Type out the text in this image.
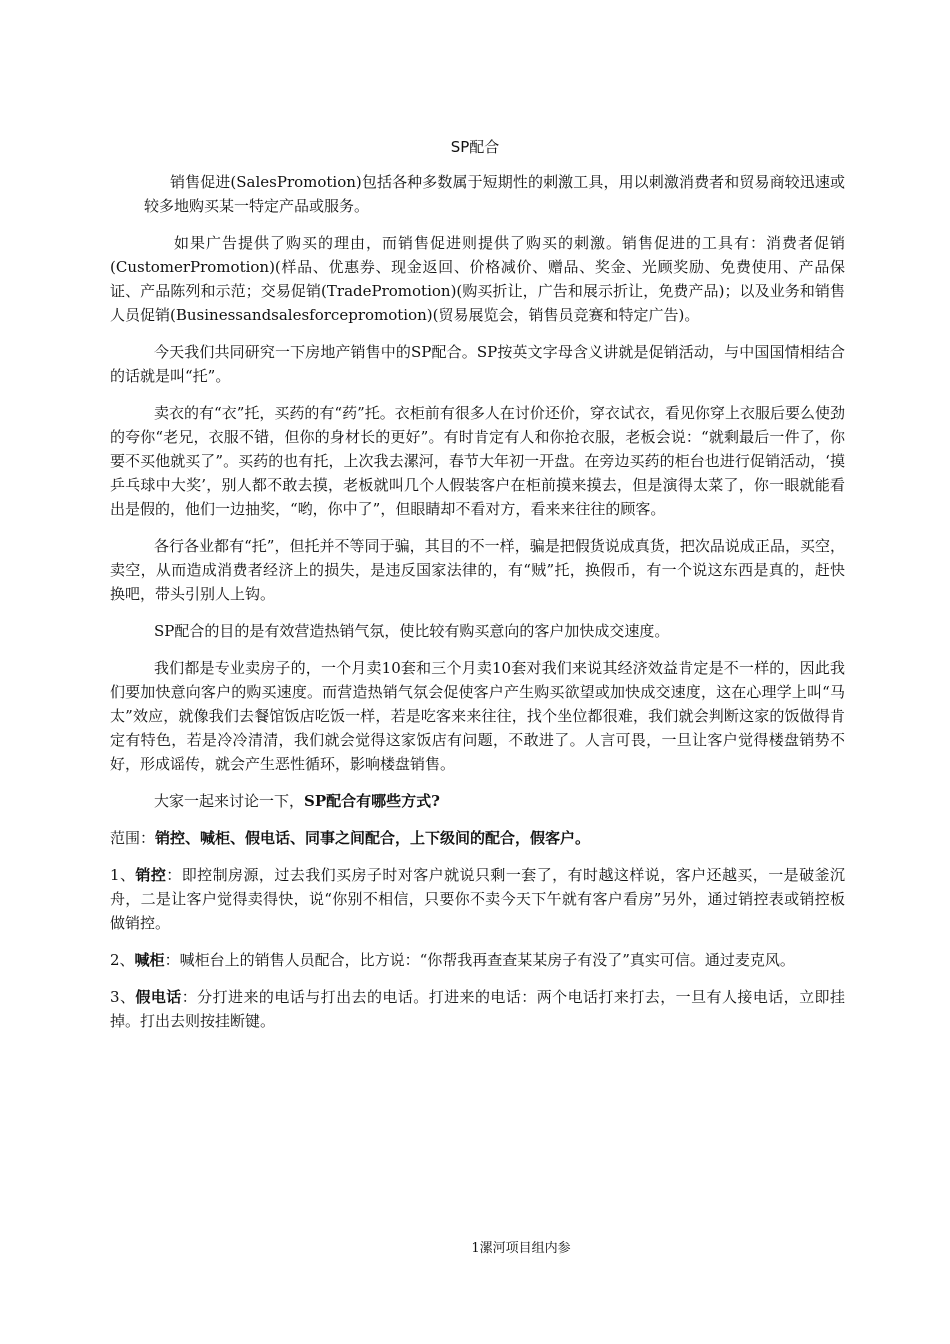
SP配合

销售促进(SalesPromotion)包括各种多数属于短期性的刺激工具，用以刺激消费者和贸易商较迅速或较多地购买某一特定产品或服务。

如果广告提供了购买的理由，而销售促进则提供了购买的刺激。销售促进的工具有：消费者促销(CustomerPromotion)(样品、优惠券、现金返回、价格减价、赠品、奖金、光顾奖励、免费使用、产品保证、产品陈列和示范；交易促销(TradePromotion)(购买折让，广告和展示折让，免费产品)；以及业务和销售人员促销(Businessandsalesforcepromotion)(贸易展览会，销售员竞赛和特定广告)。

今天我们共同研究一下房地产销售中的SP配合。SP按英文字母含义讲就是促销活动，与中国国情相结合的话就是叫“托”。

卖衣的有“衣”托，买药的有“药”托。衣柜前有很多人在讨价还价，穿衣试衣，看见你穿上衣服后要么使劲的夸你“老兄，衣服不错，但你的身材长的更好”。有时肯定有人和你抢衣服，老板会说：“就剩最后一件了，你要不买他就买了”。买药的也有托，上次我去漯河，春节大年初一开盘。在旁边买药的柜台也进行促销活动，‘摸乒乓球中大奖’，别人都不敢去摸，老板就叫几个人假装客户在柜前摸来摸去，但是演得太菜了，你一眼就能看出是假的，他们一边抽奖，“哟，你中了”，但眼睛却不看对方，看来来往往的顾客。

各行各业都有“托”，但托并不等同于骗，其目的不一样，骗是把假货说成真货，把次品说成正品，买空，卖空，从而造成消费者经济上的损失，是违反国家法律的，有“贼”托，换假币，有一个说这东西是真的，赶快换吧，带头引别人上钩。

SP配合的目的是有效营造热销气氛，使比较有购买意向的客户加快成交速度。

我们都是专业卖房子的，一个月卖10套和三个月卖10套对我们来说其经济效益肯定是不一样的，因此我们要加快意向客户的购买速度。而营造热销气氛会促使客户产生购买欲望或加快成交速度，这在心理学上叫“马太”效应，就像我们去餐馆饭店吃饭一样，若是吃客来来往往，找个坐位都很难，我们就会判断这家的饭做得肯定有特色，若是冷冷清清，我们就会觉得这家饭店有问题，不敢进了。人言可畏，一旦让客户觉得楼盘销势不好，形成谣传，就会产生恶性循环，影响楼盘销售。

大家一起来讨论一下，SP配合有哪些方式?

范围：销控、喊柜、假电话、同事之间配合，上下级间的配合，假客户。

1、销控：即控制房源，过去我们买房子时对客户就说只剩一套了，有时越这样说，客户还越买，一是破釜沉舟，二是让客户觉得卖得快，说“你别不相信，只要你不卖今天下午就有客户看房”另外，通过销控表或销控板做销控。

2、喊柜：喊柜台上的销售人员配合，比方说：“你帮我再查查某某房子有没了”真实可信。通过麦克风。

3、假电话：分打进来的电话与打出去的电话。打进来的电话：两个电话打来打去，一旦有人接电话，立即挂掉。打出去则按挂断键。

1漯河项目组内参
